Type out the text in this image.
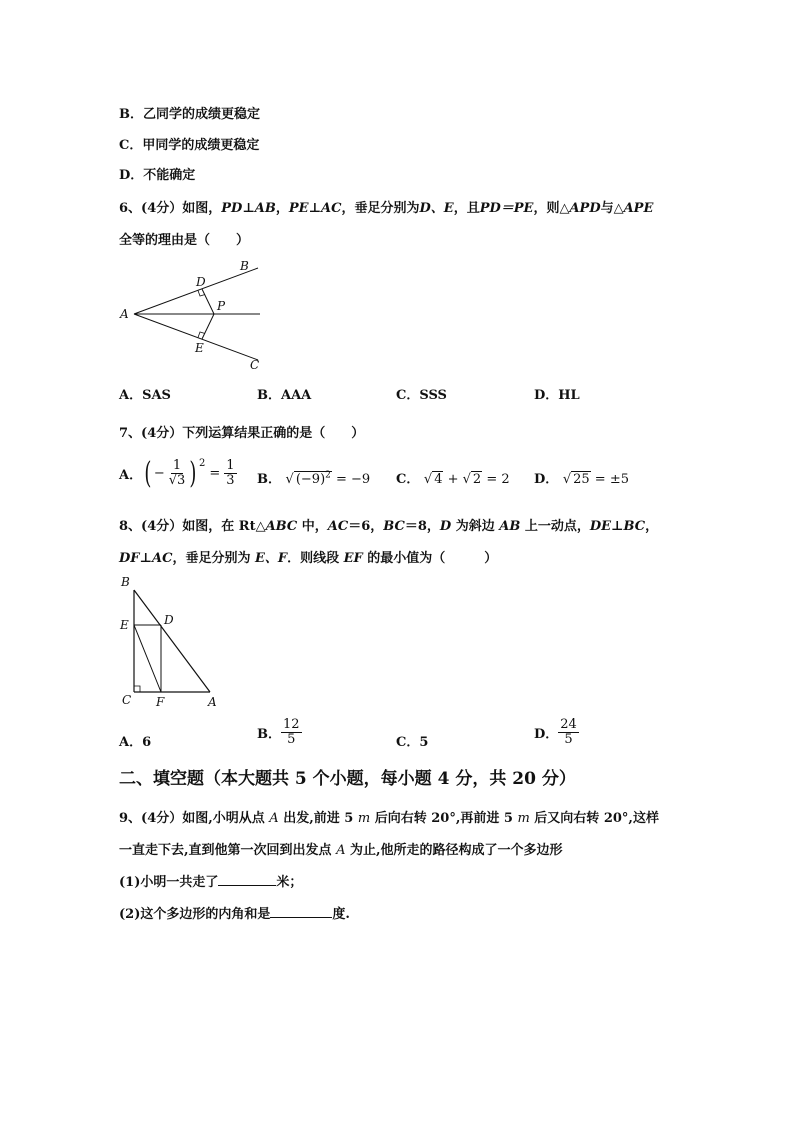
B．乙同学的成绩更稳定
C．甲同学的成绩更稳定
D．不能确定
6、(4分）如图，PD⊥AB，PE⊥AC，垂足分别为D、E，且PD＝PE，则△APD与△APE
全等的理由是（　　）
A
B
C
D
E
P
A．SAS	B．AAA	C．SSS	D．HL
7、(4分）下列运算结果正确的是（　　）
A． ( − $\frac{1}{√3} )^2$
= $\frac{1}{3}$ B． √ $(-9)^2 = -9$ C． √ 4 + √ 2 = 2 D． √ 25 = ±5
8、(4分）如图，在 Rt△ABC 中，AC＝6，BC＝8，D 为斜边 AB 上一动点，DE⊥BC，
DF⊥AC，垂足分别为 E、F．则线段 EF 的最小值为（　　　）
B
E	D
C F	A
A．6
B． $\frac{12}{5}$	C．5
D． $\frac{24}{5}$
二、填空题（本大题共 5 个小题，每小题 4 分，共 20 分）
9、(4分）如图,小明从点 A 出发,前进 5 m 后向右转 20°,再前进 5 m 后又向右转 20°,这样
一直走下去,直到他第一次回到出发点 A 为止,他所走的路径构成了一个多边形
(1)小明一共走了	米；
(2)这个多边形的内角和是	度.
